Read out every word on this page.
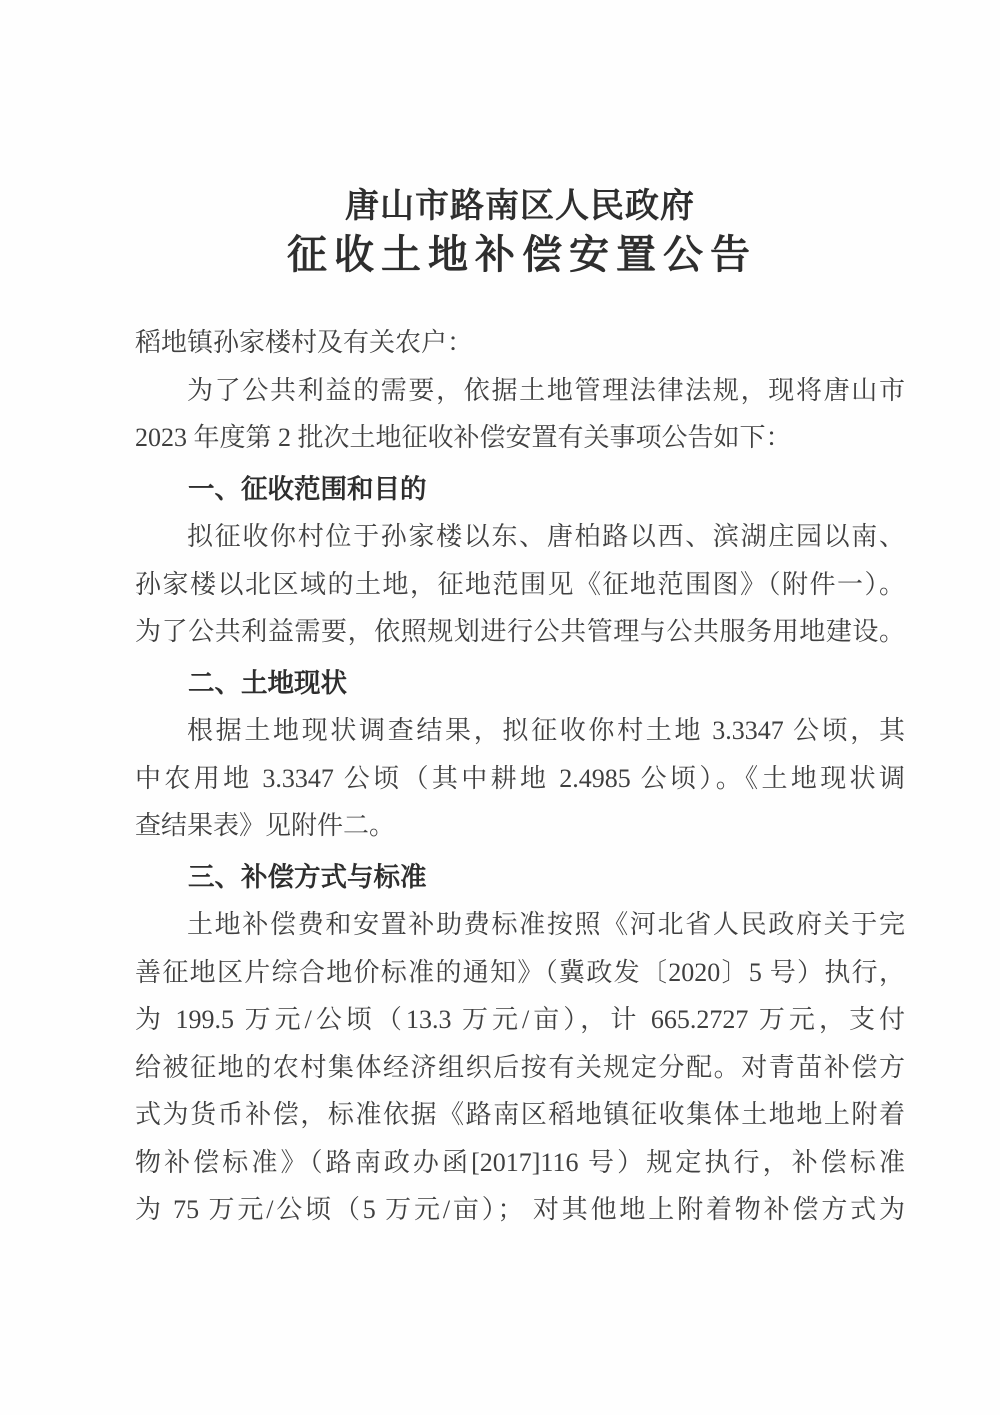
唐山市路南区人民政府
征收土地补偿安置公告
稻地镇孙家楼村及有关农户：
为了公共利益的需要，依据土地管理法律法规，现将唐山市
2023 年度第 2 批次土地征收补偿安置有关事项公告如下：
一、征收范围和目的
拟征收你村位于孙家楼以东、唐柏路以西、滨湖庄园以南、
孙家楼以北区域的土地，征地范围见《征地范围图》（附件一）。
为了公共利益需要，依照规划进行公共管理与公共服务用地建设。
二、土地现状
根据土地现状调查结果，拟征收你村土地 3.3347 公顷，其
中农用地 3.3347 公顷（其中耕地 2.4985 公顷）。《土地现状调
查结果表》见附件二。
三、补偿方式与标准
土地补偿费和安置补助费标准按照《河北省人民政府关于完
善征地区片综合地价标准的通知》（冀政发〔2020〕5 号）执行，
为 199.5 万元/公顷（13.3 万元/亩），计 665.2727 万元，支付
给被征地的农村集体经济组织后按有关规定分配。对青苗补偿方
式为货币补偿，标准依据《路南区稻地镇征收集体土地地上附着
物补偿标准》（路南政办函[2017]116 号）规定执行，补偿标准
为 75 万元/公顷（5 万元/亩）； 对其他地上附着物补偿方式为
